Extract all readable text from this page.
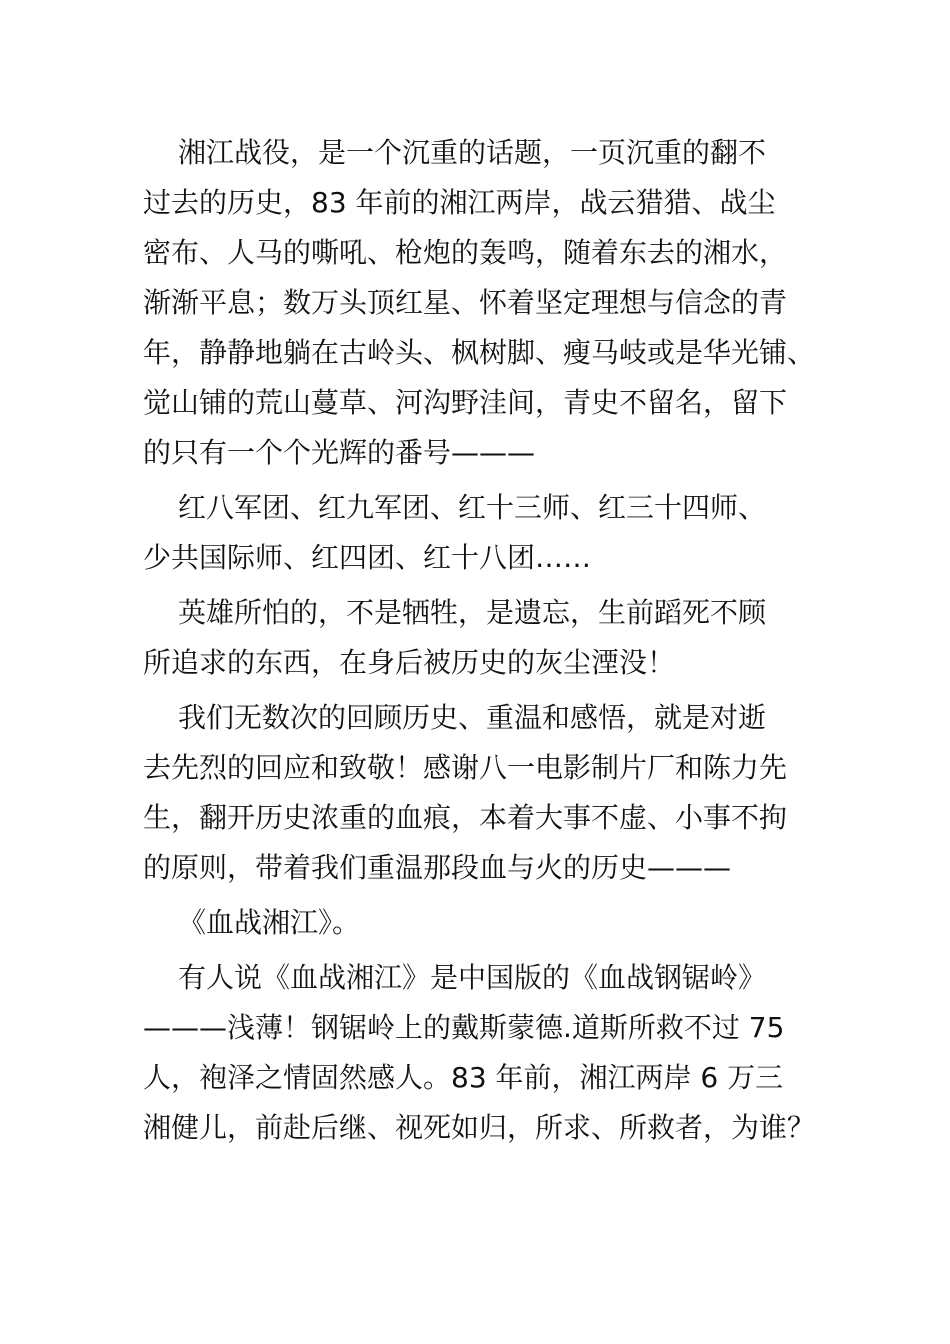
湘江战役，是一个沉重的话题，一页沉重的翻不
过去的历史，83 年前的湘江两岸，战云猎猎、战尘
密布、人马的嘶吼、枪炮的轰鸣，随着东去的湘水，
渐渐平息；数万头顶红星、怀着坚定理想与信念的青
年，静静地躺在古岭头、枫树脚、瘦马岐或是华光铺、
觉山铺的荒山蔓草、河沟野洼间，青史不留名，留下
的只有一个个光辉的番号———
红八军团、红九军团、红十三师、红三十四师、
少共国际师、红四团、红十八团……
英雄所怕的，不是牺牲，是遗忘，生前蹈死不顾
所追求的东西，在身后被历史的灰尘湮没！
我们无数次的回顾历史、重温和感悟，就是对逝
去先烈的回应和致敬！感谢八一电影制片厂和陈力先
生，翻开历史浓重的血痕，本着大事不虚、小事不拘
的原则，带着我们重温那段血与火的历史———
《血战湘江》。
有人说《血战湘江》是中国版的《血战钢锯岭》
———浅薄！钢锯岭上的戴斯蒙德.道斯所救不过 75
人，袍泽之情固然感人。83 年前，湘江两岸 6 万三
湘健儿，前赴后继、视死如归，所求、所救者，为谁？
